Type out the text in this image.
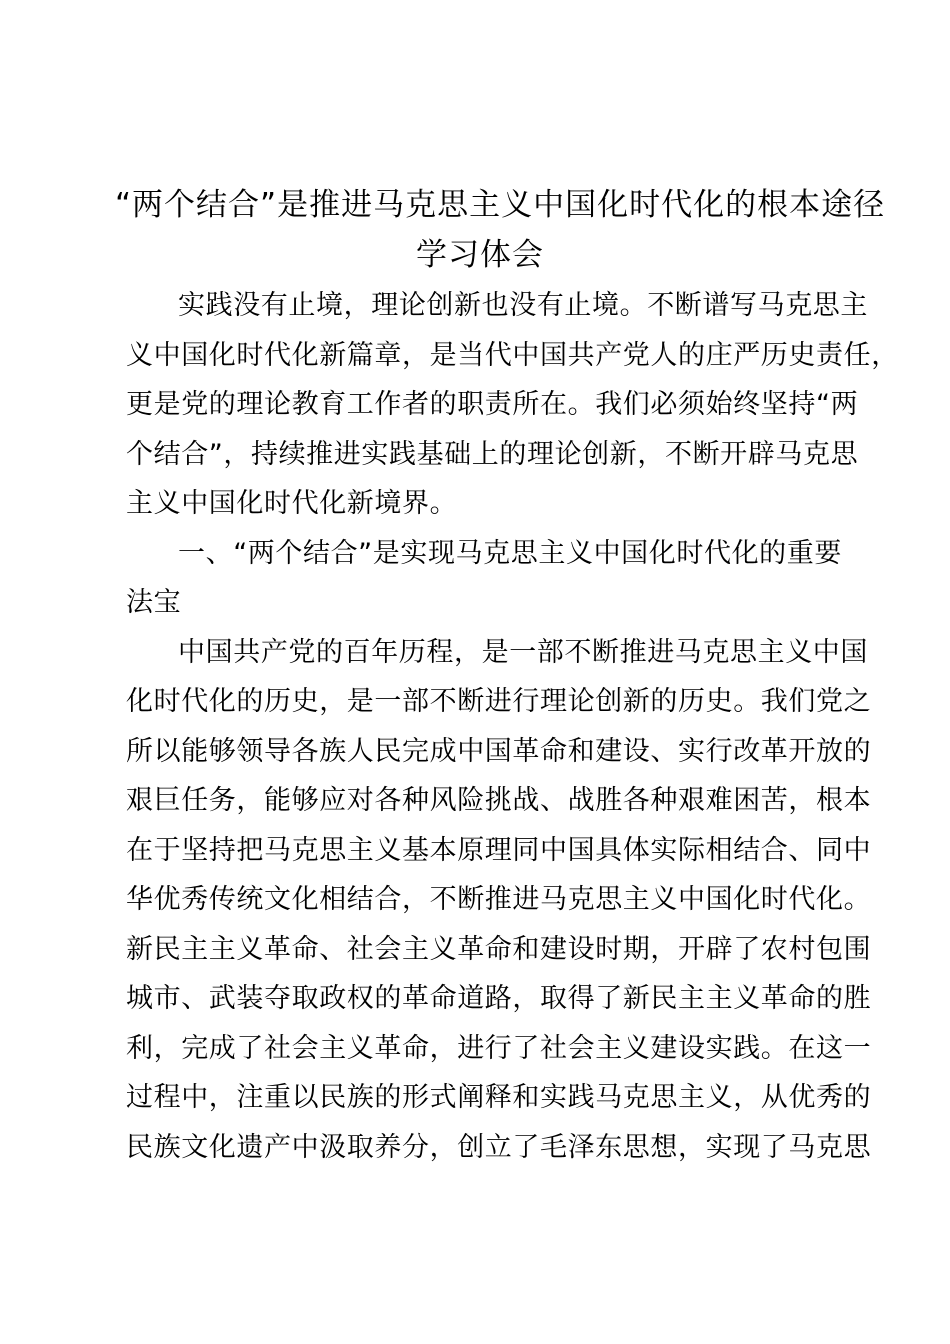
“两个结合”是推进马克思主义中国化时代化的根本途径
学习体会
实践没有止境，理论创新也没有止境。不断谱写马克思主
义中国化时代化新篇章，是当代中国共产党人的庄严历史责任，
更是党的理论教育工作者的职责所在。我们必须始终坚持“两
个结合”，持续推进实践基础上的理论创新，不断开辟马克思
主义中国化时代化新境界。
一、“两个结合”是实现马克思主义中国化时代化的重要
法宝
中国共产党的百年历程，是一部不断推进马克思主义中国
化时代化的历史，是一部不断进行理论创新的历史。我们党之
所以能够领导各族人民完成中国革命和建设、实行改革开放的
艰巨任务，能够应对各种风险挑战、战胜各种艰难困苦，根本
在于坚持把马克思主义基本原理同中国具体实际相结合、同中
华优秀传统文化相结合，不断推进马克思主义中国化时代化。
新民主主义革命、社会主义革命和建设时期，开辟了农村包围
城市、武装夺取政权的革命道路，取得了新民主主义革命的胜
利，完成了社会主义革命，进行了社会主义建设实践。在这一
过程中，注重以民族的形式阐释和实践马克思主义，从优秀的
民族文化遗产中汲取养分，创立了毛泽东思想，实现了马克思
